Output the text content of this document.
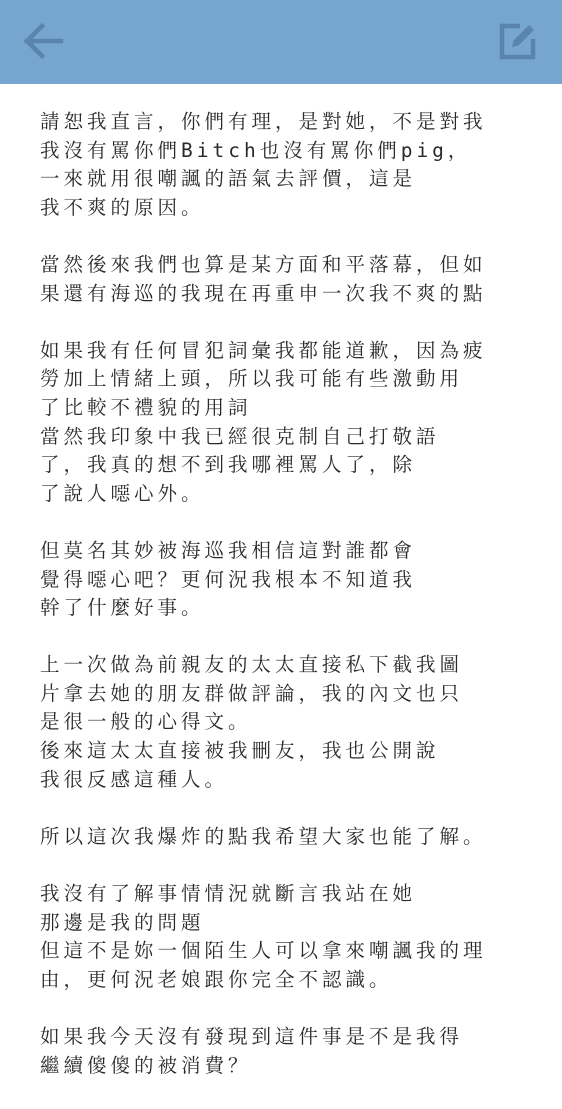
請恕我直言，你們有理，是對她，不是對我
我沒有罵你們Bitch也沒有罵你們pig，
一來就用很嘲諷的語氣去評價，這是
我不爽的原因。
當然後來我們也算是某方面和平落幕，但如
果還有海巡的我現在再重申一次我不爽的點
如果我有任何冒犯詞彙我都能道歉，因為疲
勞加上情緒上頭，所以我可能有些激動用
了比較不禮貌的用詞
當然我印象中我已經很克制自己打敬語
了，我真的想不到我哪裡罵人了，除
了說人噁心外。
但莫名其妙被海巡我相信這對誰都會
覺得噁心吧？更何況我根本不知道我
幹了什麼好事。
上一次做為前親友的太太直接私下截我圖
片拿去她的朋友群做評論，我的內文也只
是很一般的心得文。
後來這太太直接被我刪友，我也公開說
我很反感這種人。
所以這次我爆炸的點我希望大家也能了解。
我沒有了解事情情況就斷言我站在她
那邊是我的問題
但這不是妳一個陌生人可以拿來嘲諷我的理
由，更何況老娘跟你完全不認識。
如果我今天沒有發現到這件事是不是我得
繼續傻傻的被消費？
